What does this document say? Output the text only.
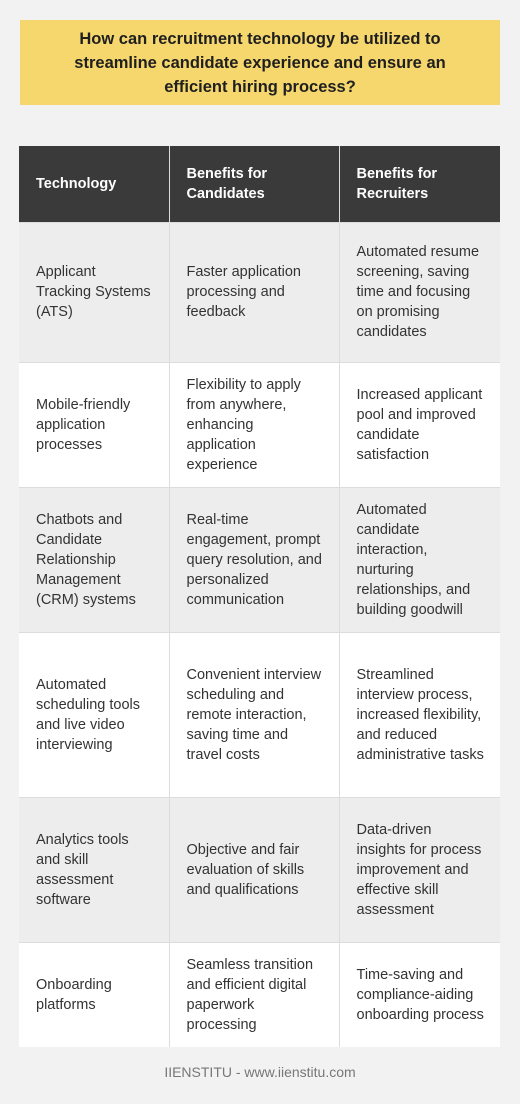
How can recruitment technology be utilized to streamline candidate experience and ensure an efficient hiring process?
Technology	Benefits for Candidates	Benefits for Recruiters
Applicant Tracking Systems (ATS)	Faster application processing and feedback	Automated resume screening, saving time and focusing on promising candidates
Mobile-friendly application processes	Flexibility to apply from anywhere, enhancing application experience	Increased applicant pool and improved candidate satisfaction
Chatbots and Candidate Relationship Management (CRM) systems	Real-time engagement, prompt query resolution, and personalized communication	Automated candidate interaction, nurturing relationships, and building goodwill
Automated scheduling tools and live video interviewing	Convenient interview scheduling and remote interaction, saving time and travel costs	Streamlined interview process, increased flexibility, and reduced administrative tasks
Analytics tools and skill assessment software	Objective and fair evaluation of skills and qualifications	Data-driven insights for process improvement and effective skill assessment
Onboarding platforms	Seamless transition and efficient digital paperwork processing	Time-saving and compliance-aiding onboarding process

IIENSTITU - www.iienstitu.com
